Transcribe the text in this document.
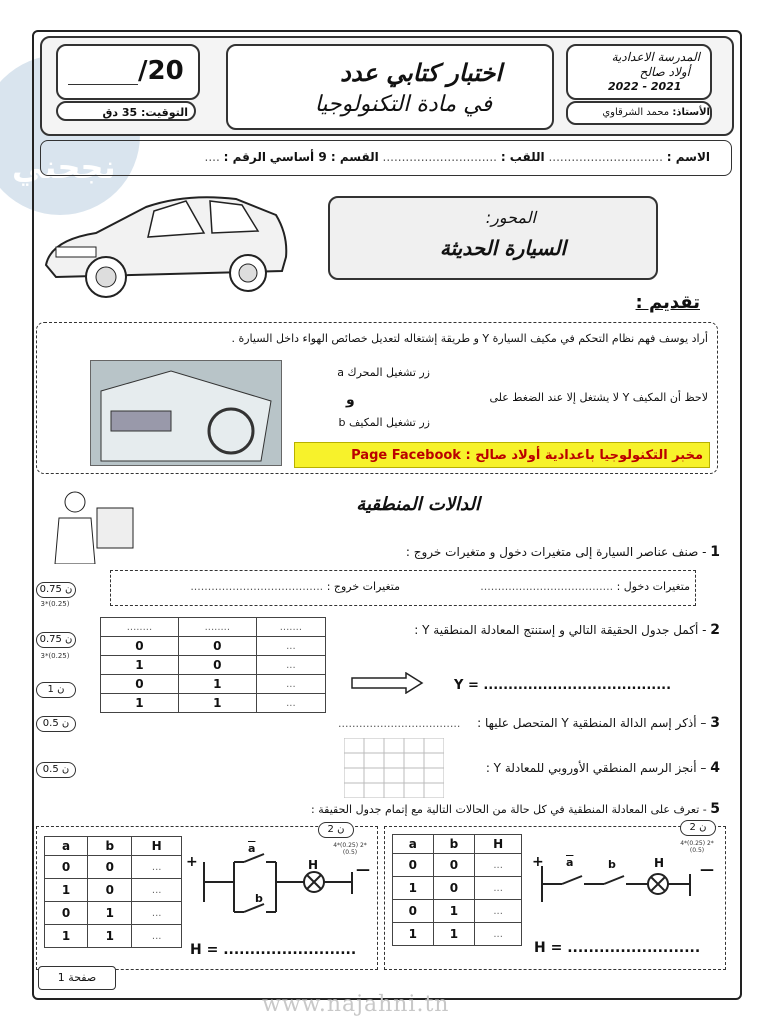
نجحني
/20
التوقيت: 35 دق
اختبار كتابي عدد
في مادة التكنولوجيا
المدرسة الاعدادية
أولاد صالح
2022 - 2021
الأستاذ: محمد الشرقاوي
الاسم : .............................. اللقب : .............................. القسم : 9 أساسي الرقم : ....
المحور:
السيارة الحديثة
تقديم :
أراد يوسف فهم نظام التحكم في مكيف السيارة Y و طريقة إشتغاله لتعديل خصائص الهواء داخل السيارة .
زر تشغيل المحرك a
و
زر تشغيل المكيف b
لاحظ أن المكيف Y لا يشتغل إلا عند الضغط على
مخبر التكنولوجيا باعدادية أولاد صالح : Page Facebook
الدالات المنطقية
1 - صنف عناصر السيارة إلى متغيرات دخول و متغيرات خروج :
متغيرات دخول : ......................................
متغيرات خروج : ......................................
0.75 ن
3*(0.25)
2 - أكمل جدول الحقيقة التالي و إستنتج المعادلة المنطقية Y :
........	........	.......
0	0	...
1	0	...
0	1	...
1	1	...
0.75 ن
3*(0.25)
1 ن	Y = ......................................
3 – أذكر إسم الدالة المنطقية Y المتحصل عليها :
...................................
0.5 ن
4 – أنجز الرسم المنطقي الأوروبي للمعادلة Y :
0.5 ن
5 - تعرف على المعادلة المنطقية في كل حالة من الحالات التالية مع إتمام جدول الحقيقة :
2 ن
4*(0.25) 2*(0.5)
a	b	H
0	0	...
1	0	...
0	1	...
1	1	...
+
$\overline{a}$
b
H	—
H = .........................
2 ن
4*(0.25) 2*(0.5)
a	b	H
0	0	...
1	0	...
0	1	...
1	1	...
+ $\overline{a}$	b	H	—
H = .........................
صفحة 1
www.najahni.tn
